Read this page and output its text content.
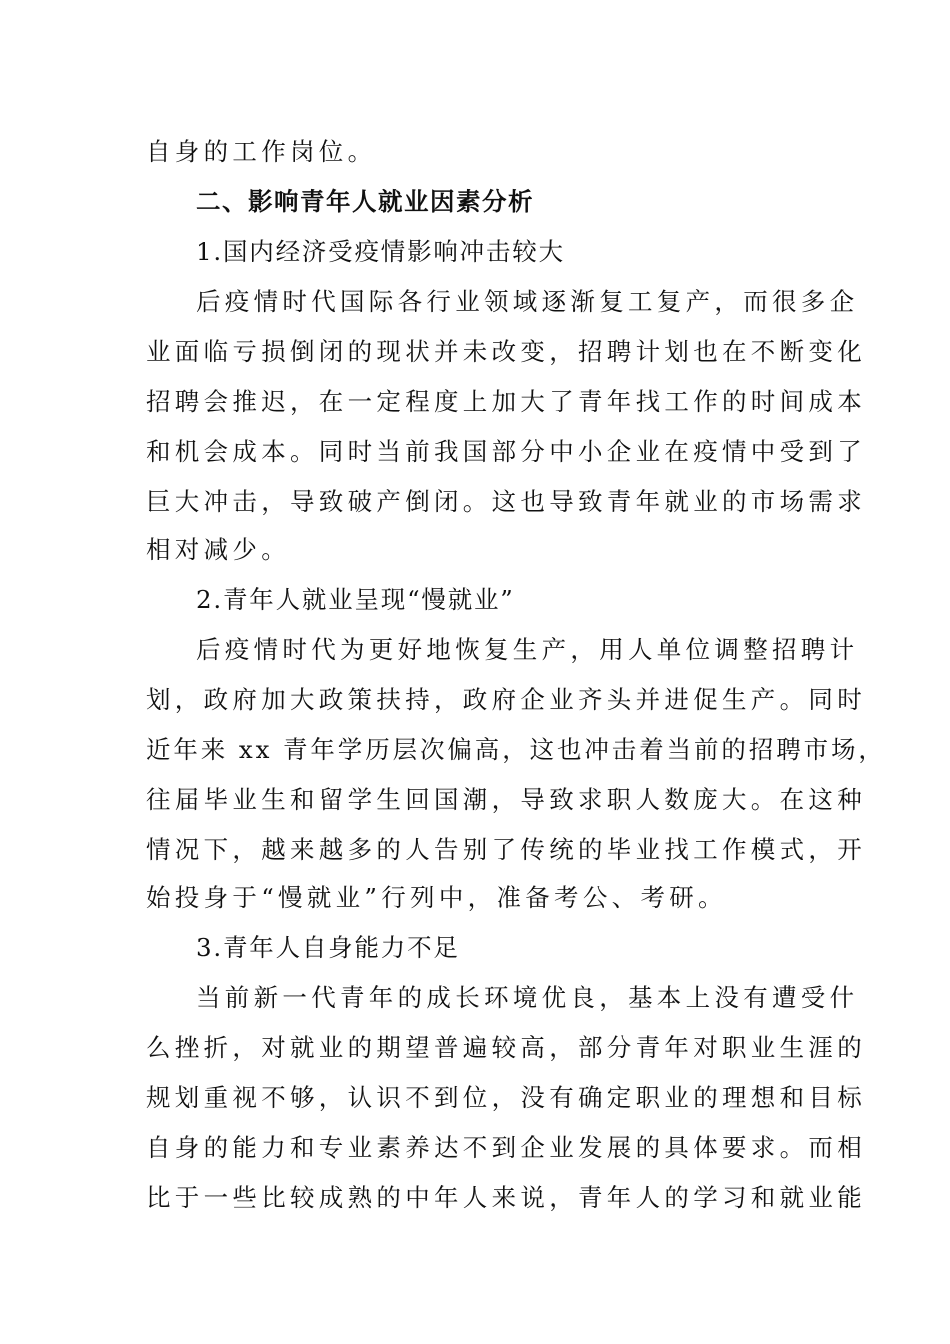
自身的工作岗位。
二、影响青年人就业因素分析
1.国内经济受疫情影响冲击较大
后疫情时代国际各行业领域逐渐复工复产，而很多企
业面临亏损倒闭的现状并未改变，招聘计划也在不断变化
招聘会推迟，在一定程度上加大了青年找工作的时间成本
和机会成本。同时当前我国部分中小企业在疫情中受到了
巨大冲击，导致破产倒闭。这也导致青年就业的市场需求
相对减少。
2.青年人就业呈现“慢就业”
后疫情时代为更好地恢复生产，用人单位调整招聘计
划，政府加大政策扶持，政府企业齐头并进促生产。同时
近年来 xx 青年学历层次偏高，这也冲击着当前的招聘市场，
往届毕业生和留学生回国潮，导致求职人数庞大。在这种
情况下，越来越多的人告别了传统的毕业找工作模式，开
始投身于“慢就业”行列中，准备考公、考研。
3.青年人自身能力不足
当前新一代青年的成长环境优良，基本上没有遭受什
么挫折，对就业的期望普遍较高，部分青年对职业生涯的
规划重视不够，认识不到位，没有确定职业的理想和目标
自身的能力和专业素养达不到企业发展的具体要求。而相
比于一些比较成熟的中年人来说，青年人的学习和就业能
